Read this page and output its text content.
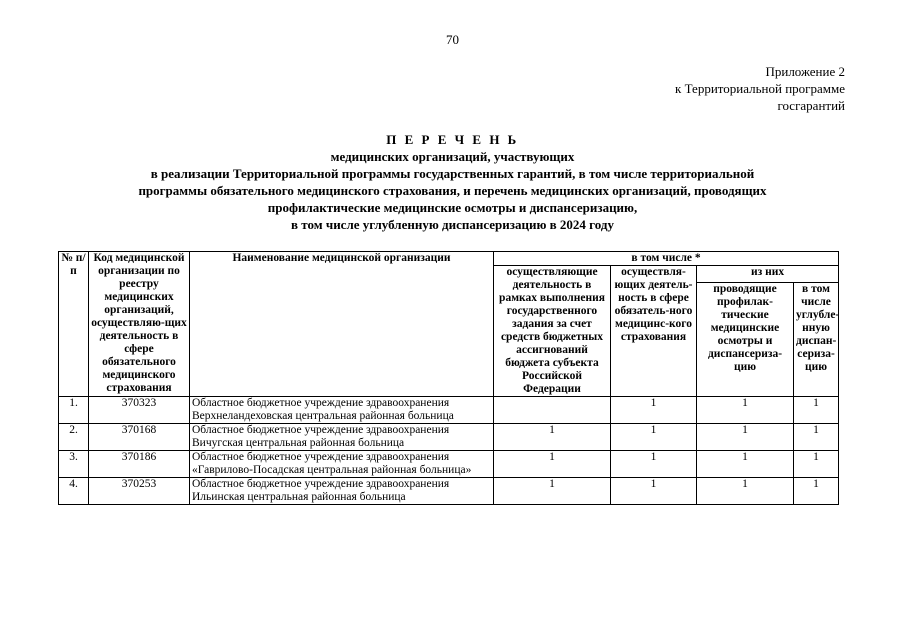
70
Приложение 2
к Территориальной программе
госгарантий
П Е Р Е Ч Е Н Ь
медицинских организаций, участвующих
в реализации Территориальной программы государственных гарантий, в том числе территориальной
программы обязательного медицинского страхования, и перечень медицинских организаций, проводящих
профилактические медицинские осмотры и диспансеризацию,
в том числе углубленную диспансеризацию в 2024 году
№ п/п	Код медицинской организации по реестру медицинских организаций, осуществляю-щих деятельность в сфере обязательного медицинского страхования	Наименование медицинской организации	в том числе *			
			осуществляющие деятельность в рамках выполнения государственного задания за счет средств бюджетных ассигнований бюджета субъекта Российской Федерации	осуществля-ющих деятель-ность в сфере обязатель-ного медицинс-кого страхования	из них	
					проводящие профилак-тические медицинские осмотры и диспансериза-цию	в том числе углубле-нную диспан-сериза-цию
1.	370323	Областное бюджетное учреждение здравоохранения Верхнеландеховская центральная районная больница		1	1	1
2.	370168	Областное бюджетное учреждение здравоохранения Вичугская центральная районная больница	1	1	1	1
3.	370186	Областное бюджетное учреждение здравоохранения «Гаврилово-Посадская центральная районная больница»	1	1	1	1
4.	370253	Областное бюджетное учреждение здравоохранения Ильинская центральная районная больница	1	1	1	1
